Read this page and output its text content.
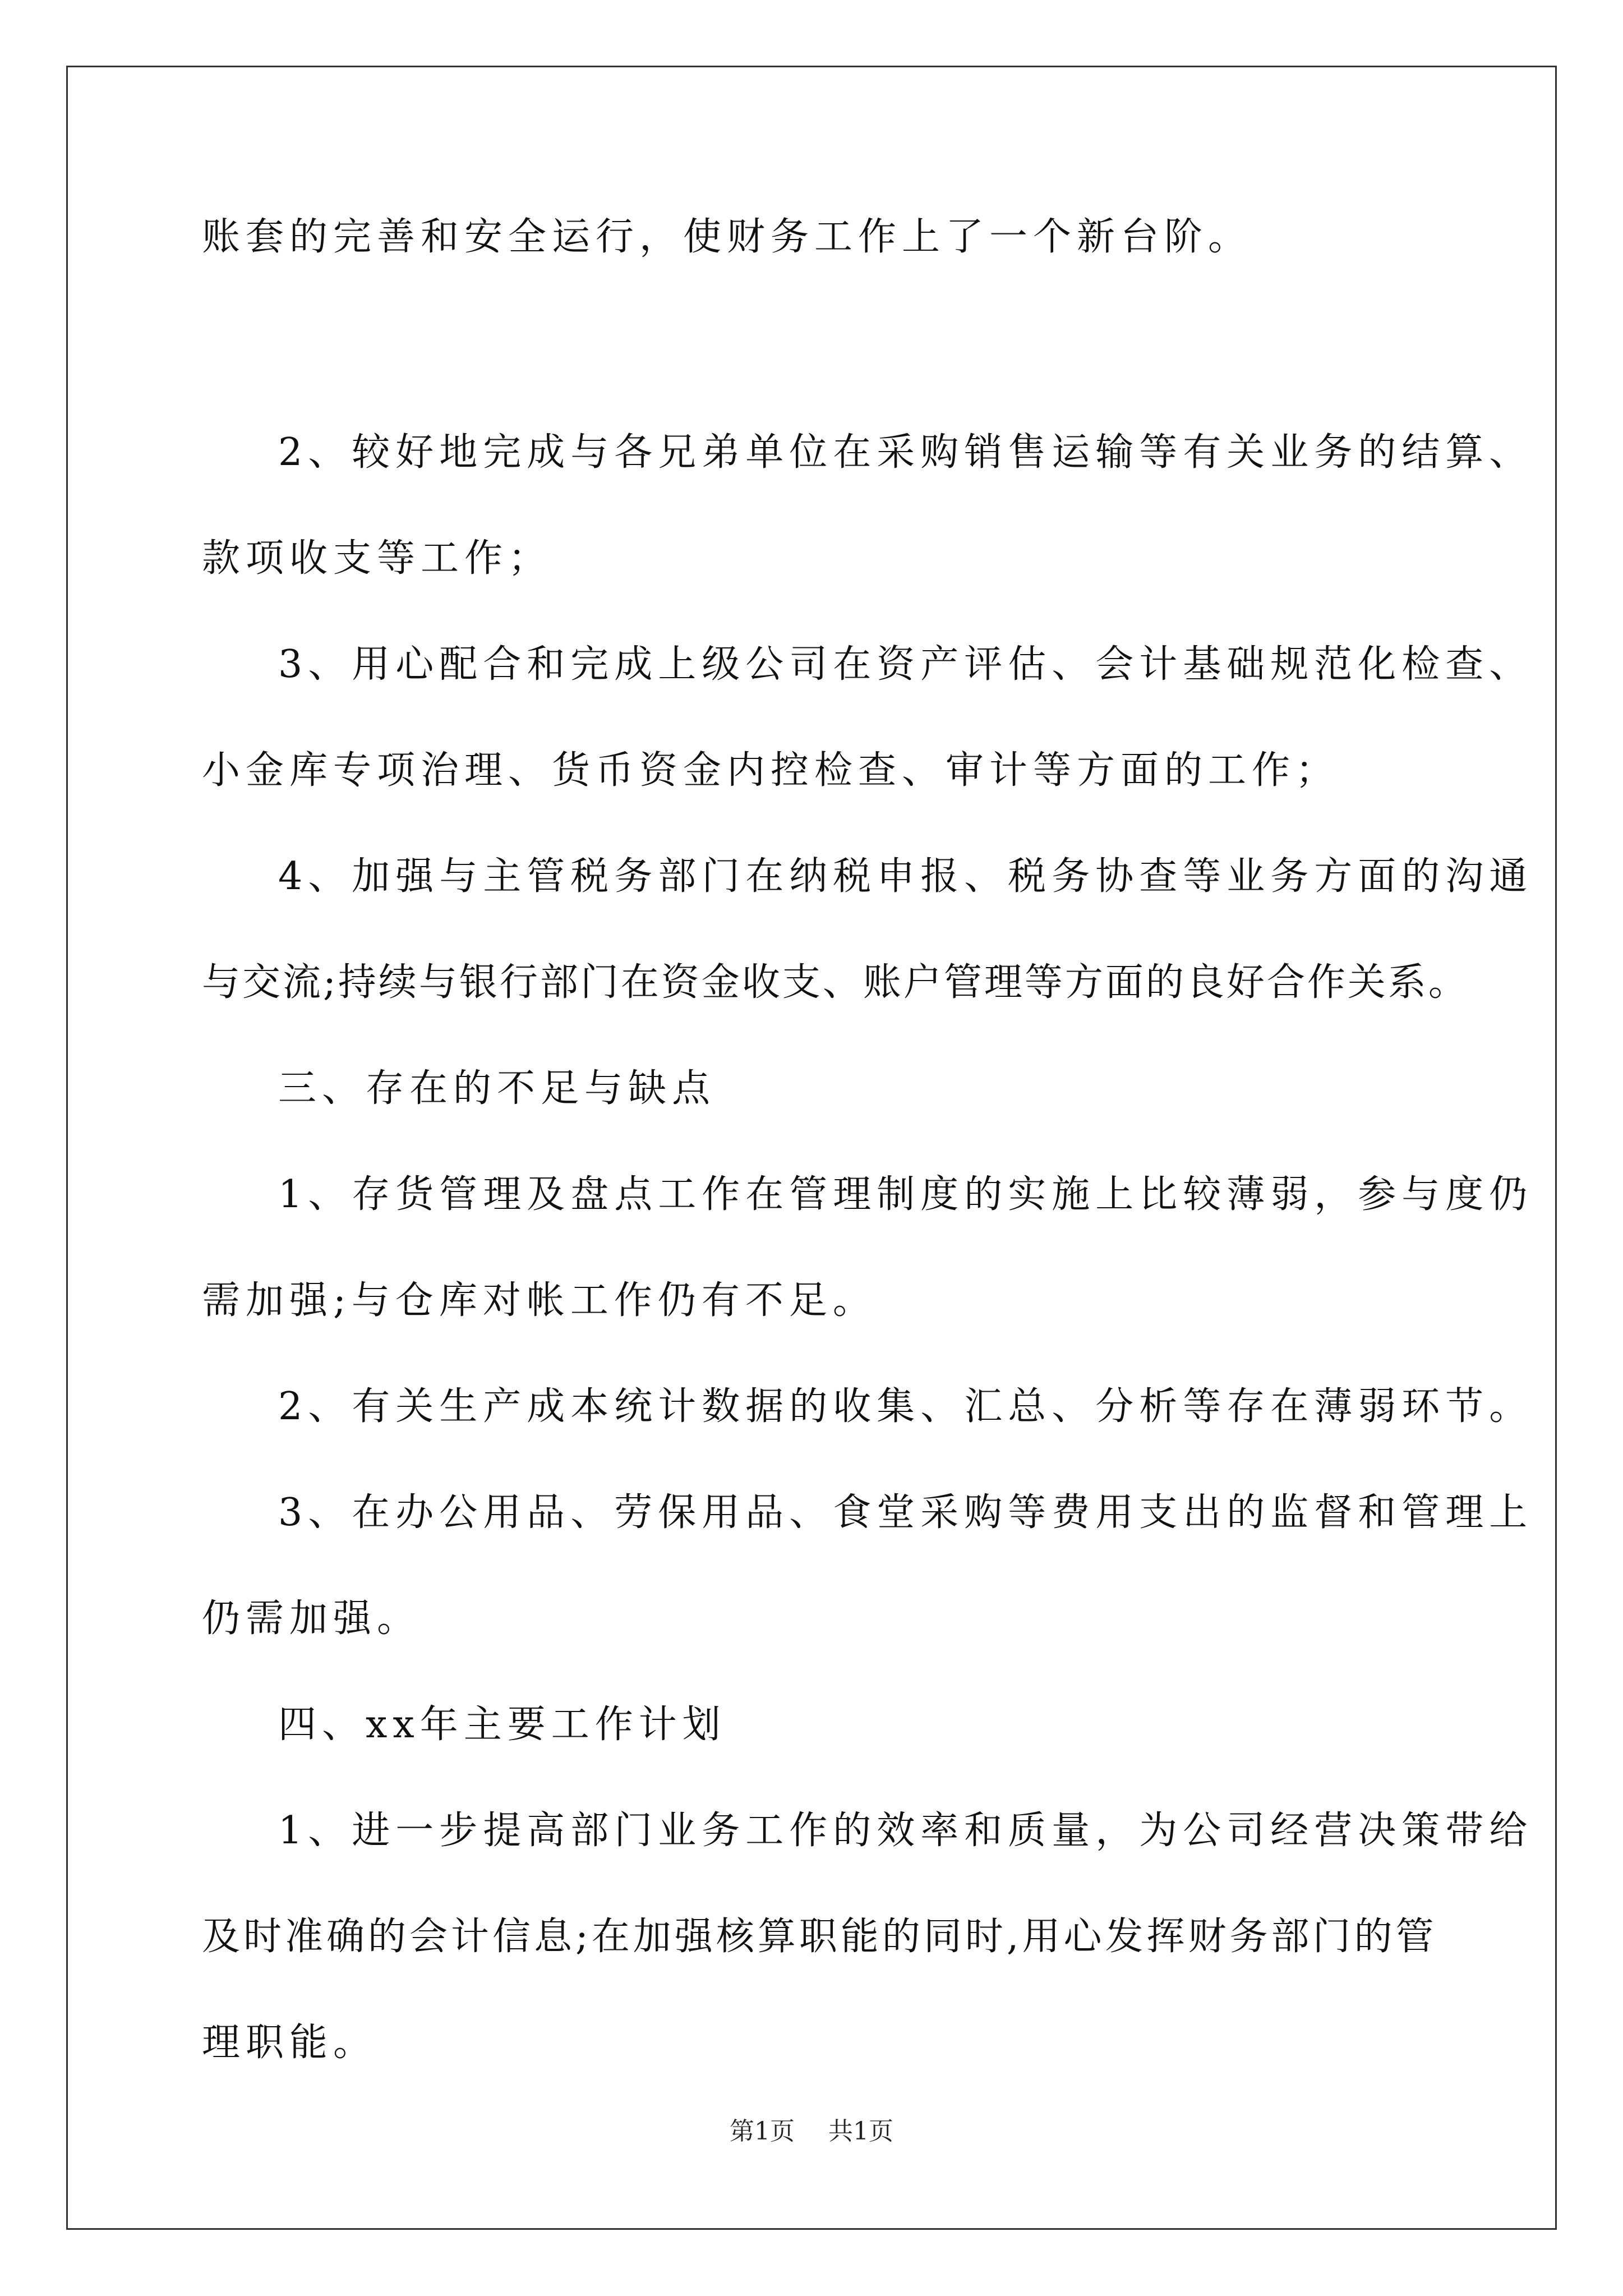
账套的完善和安全运行，使财务工作上了一个新台阶。
2、较好地完成与各兄弟单位在采购销售运输等有关业务的结算、
款项收支等工作；
3、用心配合和完成上级公司在资产评估、会计基础规范化检查、
小金库专项治理、货币资金内控检查、审计等方面的工作；
4、加强与主管税务部门在纳税申报、税务协查等业务方面的沟通
与交流;持续与银行部门在资金收支、账户管理等方面的良好合作关系。
三、存在的不足与缺点
1、存货管理及盘点工作在管理制度的实施上比较薄弱，参与度仍
需加强;与仓库对帐工作仍有不足。
2、有关生产成本统计数据的收集、汇总、分析等存在薄弱环节。
3、在办公用品、劳保用品、食堂采购等费用支出的监督和管理上
仍需加强。
四、xx年主要工作计划
1、进一步提高部门业务工作的效率和质量，为公司经营决策带给
及时准确的会计信息;在加强核算职能的同时,用心发挥财务部门的管
理职能。
第1页 共1页
